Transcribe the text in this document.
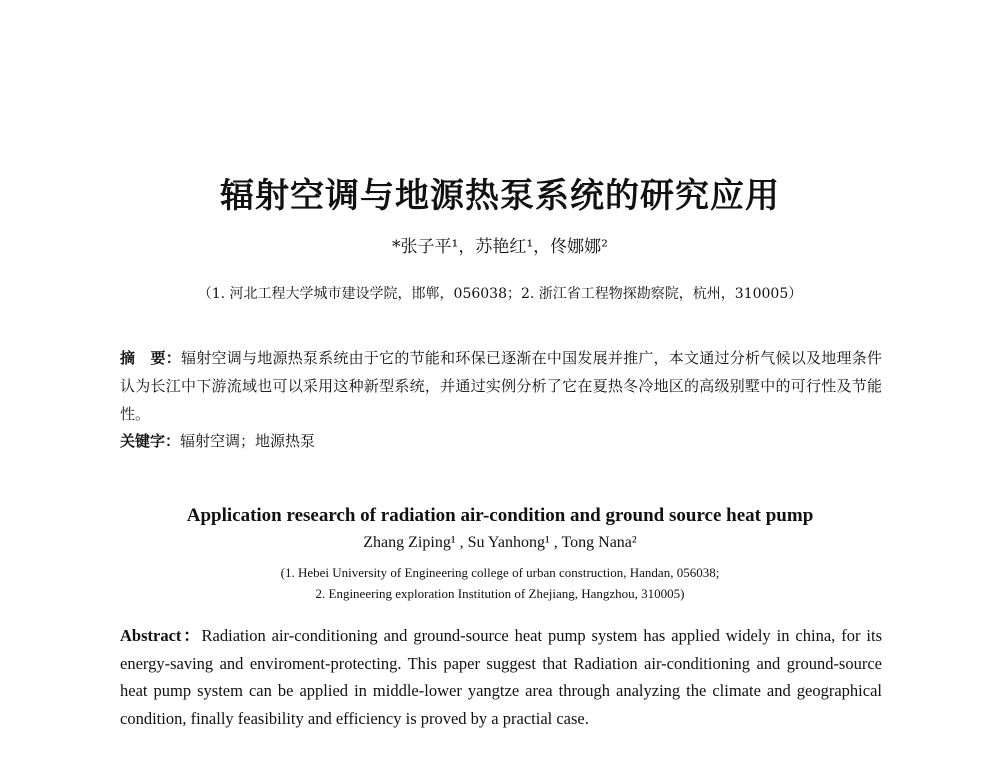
辐射空调与地源热泵系统的研究应用
*张子平¹，苏艳红¹，佟娜娜²
（1. 河北工程大学城市建设学院，邯郸，056038；2. 浙江省工程物探勘察院，杭州，310005）
摘　要：辐射空调与地源热泵系统由于它的节能和环保已逐渐在中国发展并推广，本文通过分析气候以及地理条件认为长江中下游流域也可以采用这种新型系统，并通过实例分析了它在夏热冬冷地区的高级别墅中的可行性及节能性。
关键字：辐射空调；地源热泵
Application research of radiation air-condition and ground source heat pump
Zhang Ziping¹ , Su Yanhong¹ , Tong Nana²
(1. Hebei University of Engineering college of urban construction, Handan, 056038;
2. Engineering exploration Institution of Zhejiang, Hangzhou, 310005)
Abstract：Radiation air-conditioning and ground-source heat pump system has applied widely in china, for its energy-saving and enviroment-protecting. This paper suggest that Radiation air-conditioning and ground-source heat pump system can be applied in middle-lower yangtze area through analyzing the climate and geographical condition, finally feasibility and efficiency is proved by a practial case.
